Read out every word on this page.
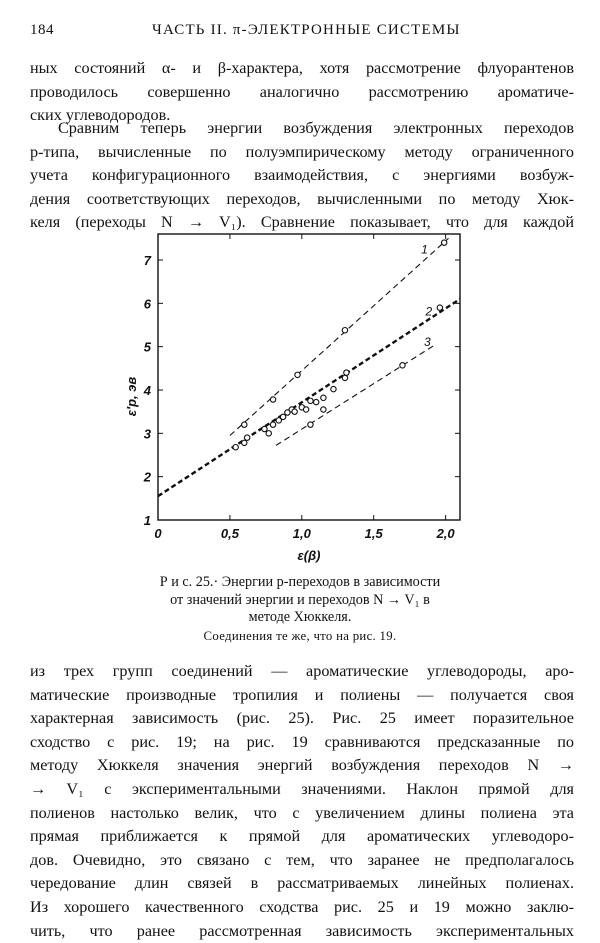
184	ЧАСТЬ II. π-ЭЛЕКТРОННЫЕ СИСТЕМЫ
ных состояний α- и β-характера, хотя рассмотрение флуорантенов
проводилось совершенно аналогично рассмотрению ароматиче-
ских углеводородов.
Сравним теперь энергии возбуждения электронных переходов
p-типа, вычисленные по полуэмпирическому методу ограниченного
учета конфигурационного взаимодействия, с энергиями возбуж-
дения соответствующих переходов, вычисленными по методу Хюк-
келя (переходы N → V₁). Сравнение показывает, что для каждой
0	0,5	1,0	1,5	2,0
1
2
3
4
5
6
7
ε(β)
ε′p, эв
1
2
3
Р и с. 25.· Энергии p-переходов в зависимости
от значений энергии и переходов N → V₁ в
методе Хюккеля.
Соединения те же, что на рис. 19.
из трех групп соединений — ароматические углеводороды, аро-
матические производные тропилия и полиены — получается своя
характерная зависимость (рис. 25). Рис. 25 имеет поразительное
сходство с рис. 19; на рис. 19 сравниваются предсказанные по
методу Хюккеля значения энергий возбуждения переходов N →
→ V₁ с экспериментальными значениями. Наклон прямой для
полиенов настолько велик, что с увеличением длины полиена эта
прямая приближается к прямой для ароматических углеводоро-
дов. Очевидно, это связано с тем, что заранее не предполагалось
чередование длин связей в рассматриваемых линейных полиенах.
Из хорошего качественного сходства рис. 25 и 19 можно заклю-
чить, что ранее рассмотренная зависимость экспериментальных
